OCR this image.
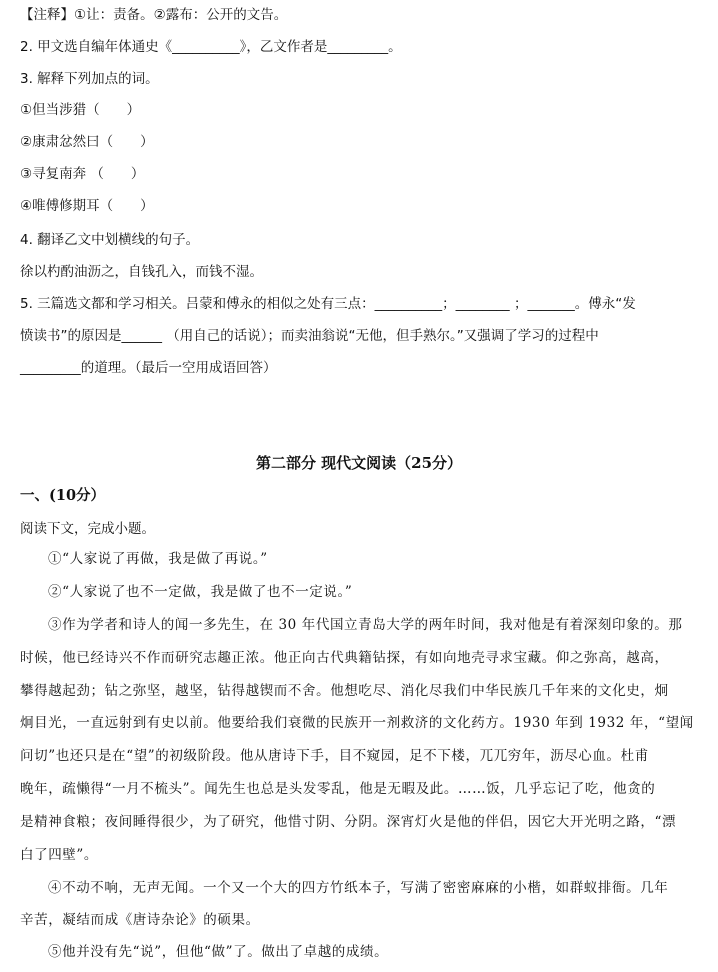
【注释】①让：责备。②露布：公开的文告。
2. 甲文选自编年体通史《__________》，乙文作者是_________。
3. 解释下列加点的词。
①但当涉猎（　　）
②康肃忿然曰（　　）
③寻复南奔 （　　）
④唯傅修期耳（　　）
4. 翻译乙文中划横线的句子。
徐以杓酌油沥之，自钱孔入，而钱不湿。
5. 三篇选文都和学习相关。吕蒙和傅永的相似之处有三点：__________；________ ；_______。傅永“发
愤读书”的原因是______ （用自己的话说）；而卖油翁说“无他，但手熟尔。”又强调了学习的过程中
_________的道理。（最后一空用成语回答）
第二部分 现代文阅读（25分）
一、(10分）
阅读下文，完成小题。
①“人家说了再做，我是做了再说。”
②“人家说了也不一定做，我是做了也不一定说。”
③作为学者和诗人的闻一多先生，在 30 年代国立青岛大学的两年时间，我对他是有着深刻印象的。那
时候，他已经诗兴不作而研究志趣正浓。他正向古代典籍钻探，有如向地壳寻求宝藏。仰之弥高，越高，
攀得越起劲；钻之弥坚，越坚，钻得越锲而不舍。他想吃尽、消化尽我们中华民族几千年来的文化史，炯
炯目光，一直远射到有史以前。他要给我们衰微的民族开一剂救济的文化药方。1930 年到 1932 年，“望闻
问切”也还只是在“望”的初级阶段。他从唐诗下手，目不窥园，足不下楼，兀兀穷年，沥尽心血。杜甫
晚年，疏懒得“一月不梳头”。闻先生也总是头发零乱，他是无暇及此。……饭，几乎忘记了吃，他贪的
是精神食粮；夜间睡得很少，为了研究，他惜寸阴、分阴。深宵灯火是他的伴侣，因它大开光明之路，“漂
白了四壁”。
④不动不响，无声无闻。一个又一个大的四方竹纸本子，写满了密密麻麻的小楷，如群蚁排衙。几年
辛苦，凝结而成《唐诗杂论》的硕果。
⑤他并没有先“说”，但他“做”了。做出了卓越的成绩。
